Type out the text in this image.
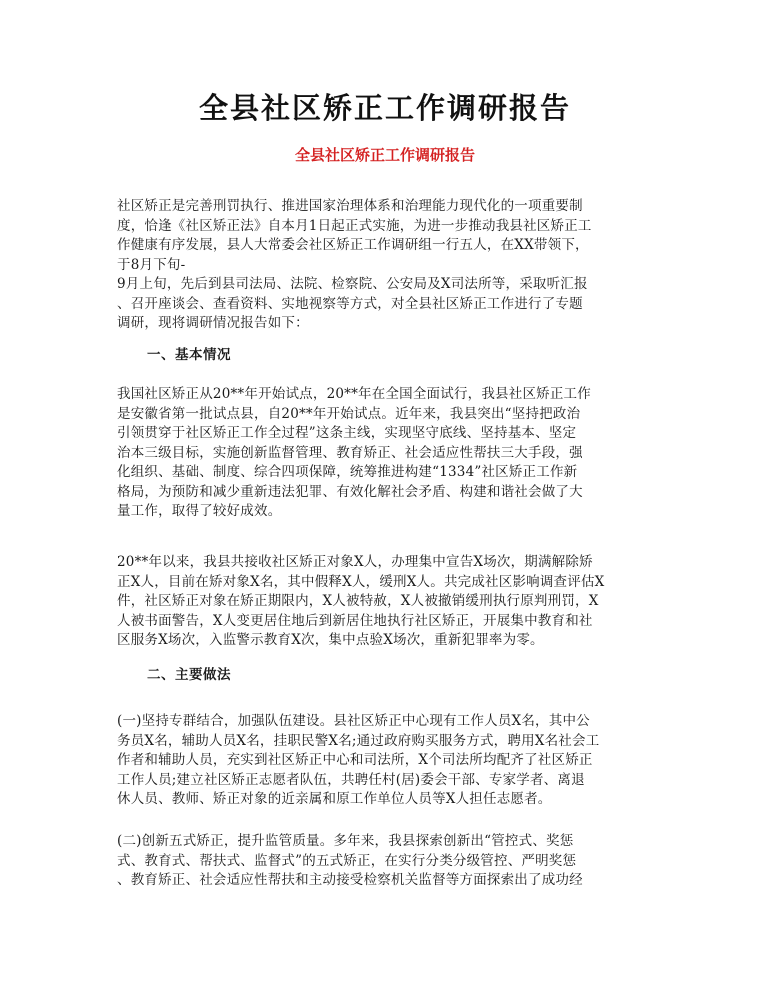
全县社区矫正工作调研报告
全县社区矫正工作调研报告
社区矫正是完善刑罚执行、推进国家治理体系和治理能力现代化的一项重要制
度，恰逢《社区矫正法》自本月1日起正式实施，为进一步推动我县社区矫正工
作健康有序发展，县人大常委会社区矫正工作调研组一行五人，在XX带领下，
于8月下旬-
9月上旬，先后到县司法局、法院、检察院、公安局及X司法所等，采取听汇报
、召开座谈会、查看资料、实地视察等方式，对全县社区矫正工作进行了专题
调研，现将调研情况报告如下：
一、基本情况
我国社区矫正从20**年开始试点，20**年在全国全面试行，我县社区矫正工作
是安徽省第一批试点县，自20**年开始试点。近年来，我县突出“坚持把政治
引领贯穿于社区矫正工作全过程”这条主线，实现坚守底线、坚持基本、坚定
治本三级目标，实施创新监督管理、教育矫正、社会适应性帮扶三大手段，强
化组织、基础、制度、综合四项保障，统筹推进构建“1334”社区矫正工作新
格局，为预防和减少重新违法犯罪、有效化解社会矛盾、构建和谐社会做了大
量工作，取得了较好成效。
20**年以来，我县共接收社区矫正对象X人，办理集中宣告X场次，期满解除矫
正X人，目前在矫对象X名，其中假释X人，缓刑X人。共完成社区影响调查评估X
件，社区矫正对象在矫正期限内，X人被特赦，X人被撤销缓刑执行原判刑罚，X
人被书面警告，X人变更居住地后到新居住地执行社区矫正，开展集中教育和社
区服务X场次，入监警示教育X次，集中点验X场次，重新犯罪率为零。
二、主要做法
(一)坚持专群结合，加强队伍建设。县社区矫正中心现有工作人员X名，其中公
务员X名，辅助人员X名，挂职民警X名;通过政府购买服务方式，聘用X名社会工
作者和辅助人员，充实到社区矫正中心和司法所，X个司法所均配齐了社区矫正
工作人员;建立社区矫正志愿者队伍，共聘任村(居)委会干部、专家学者、离退
休人员、教师、矫正对象的近亲属和原工作单位人员等X人担任志愿者。
(二)创新五式矫正，提升监管质量。多年来，我县探索创新出“管控式、奖惩
式、教育式、帮扶式、监督式”的五式矫正，在实行分类分级管控、严明奖惩
、教育矫正、社会适应性帮扶和主动接受检察机关监督等方面探索出了成功经
